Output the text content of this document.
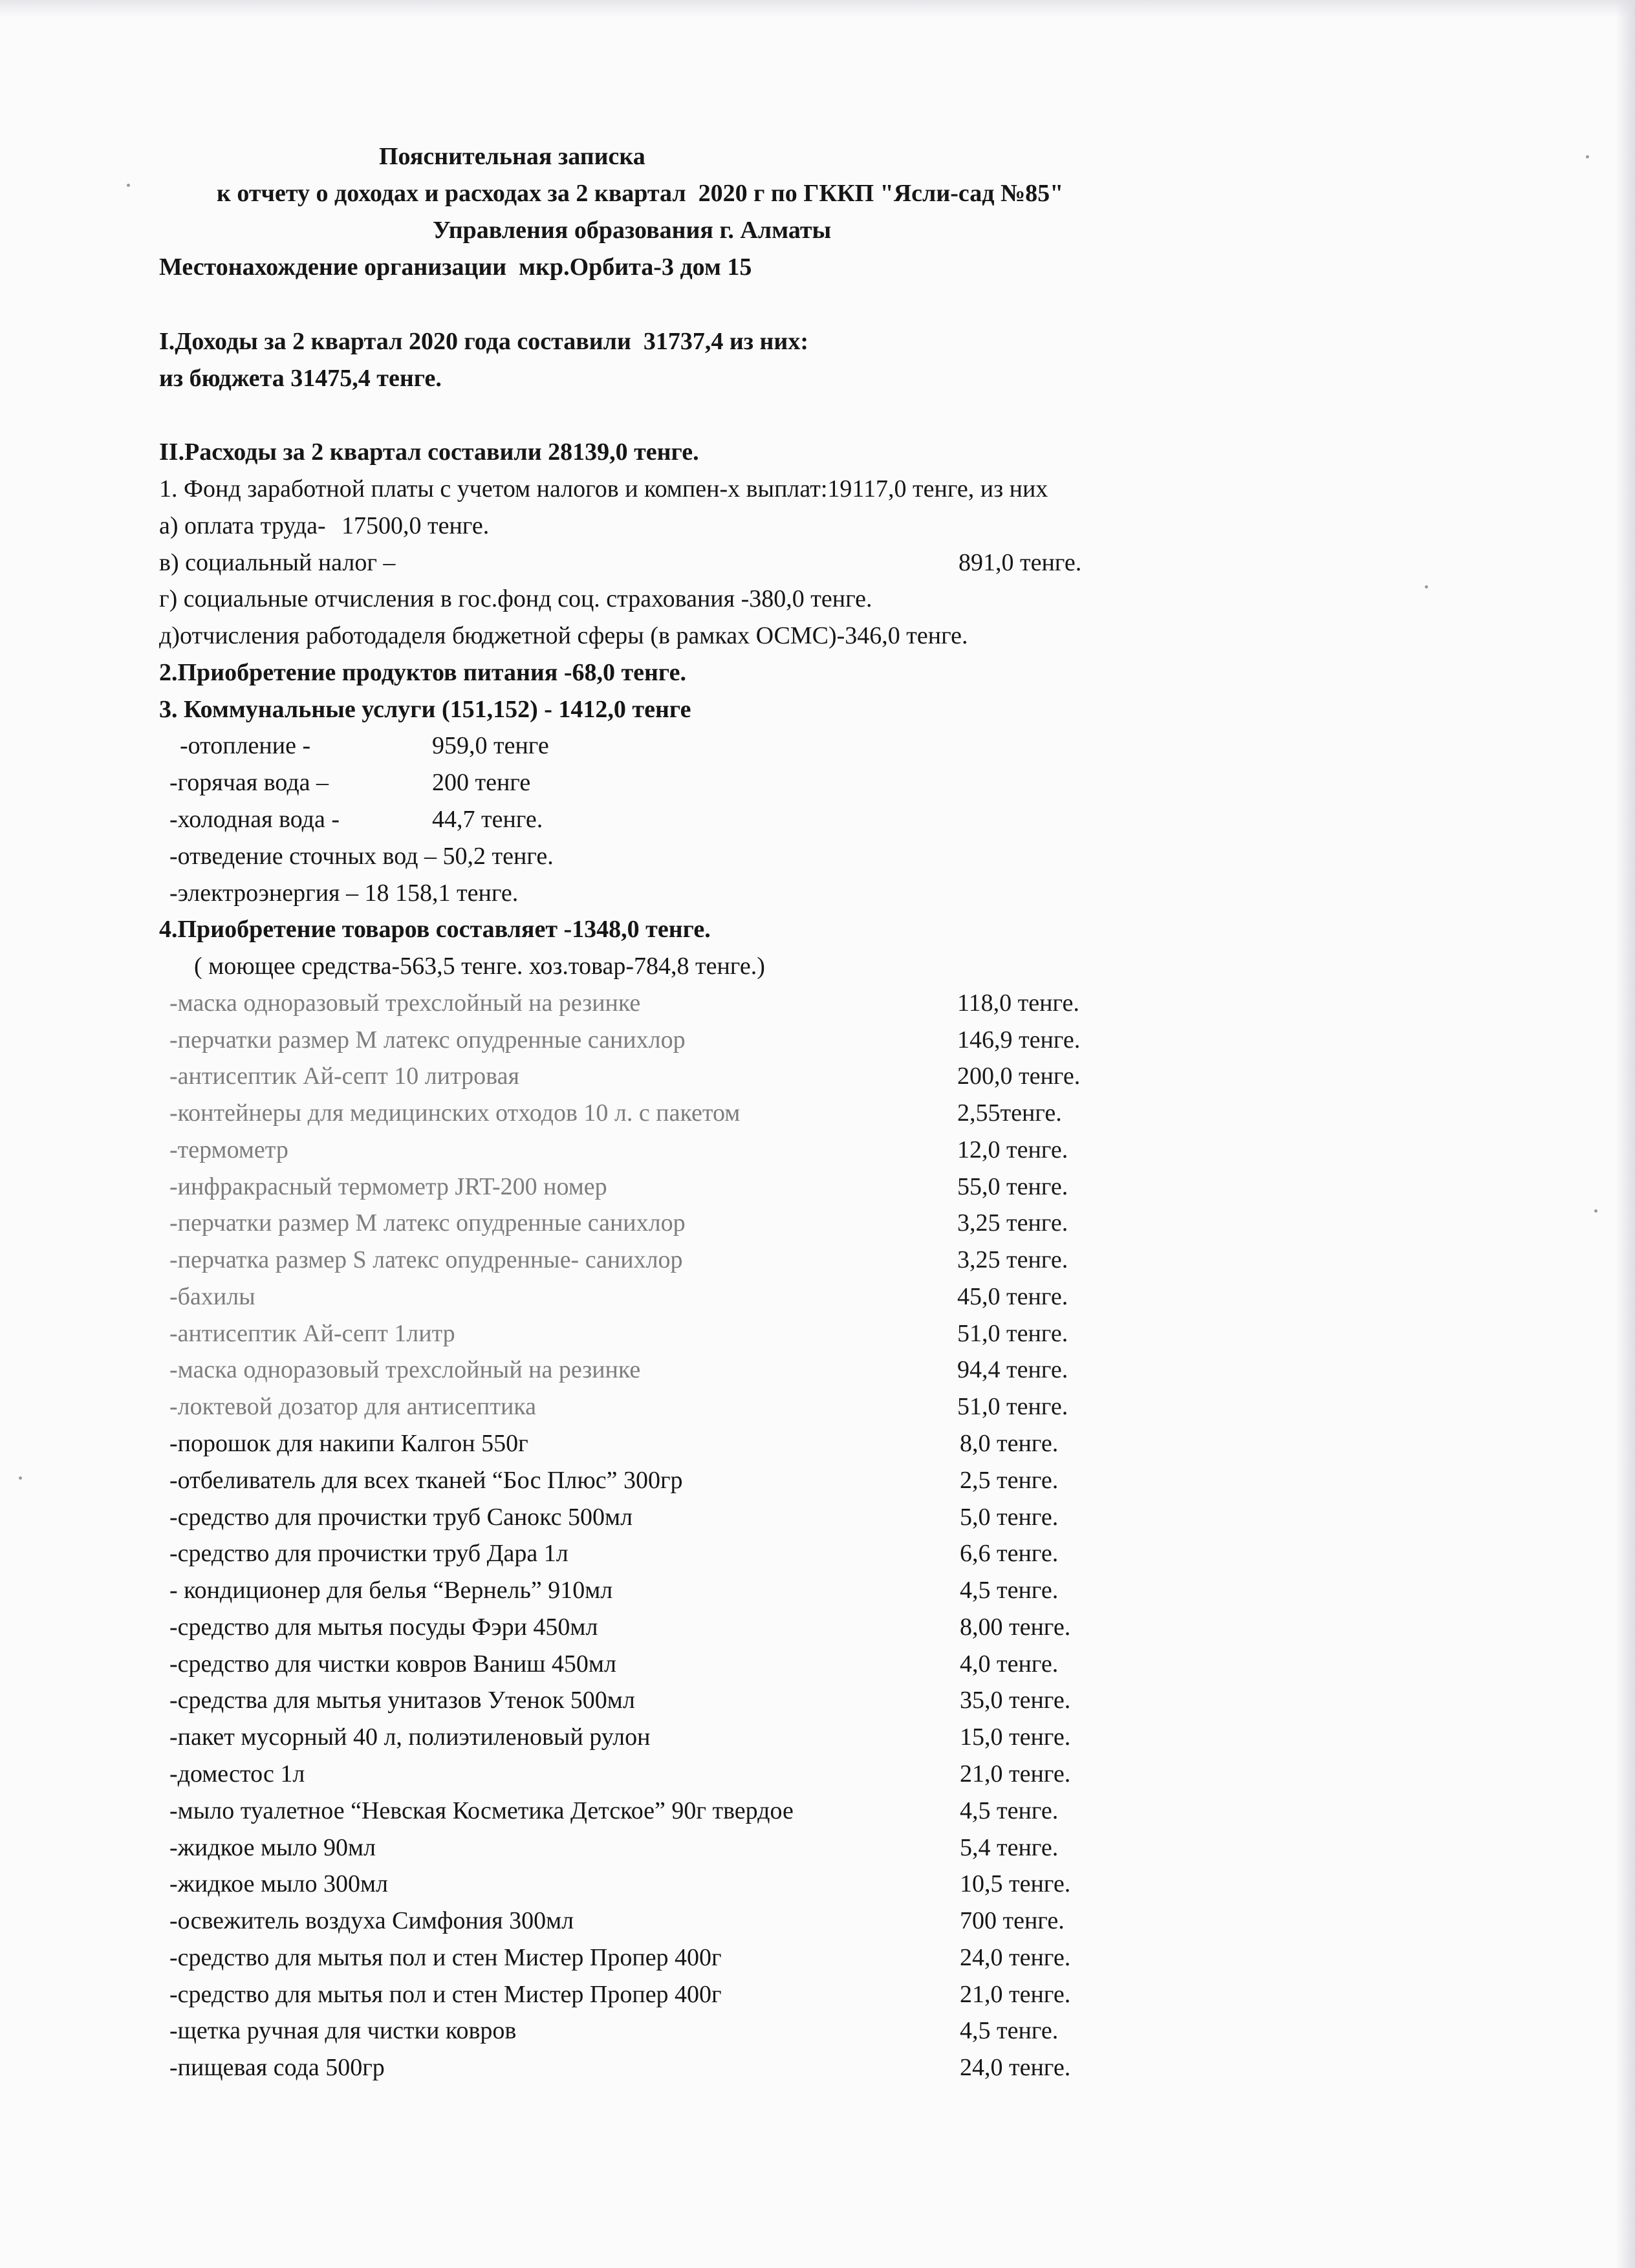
Пояснительная записка
к отчету о доходах и расходах за 2 квартал  2020 г по ГККП "Ясли-сад №85"
Управления образования г. Алматы
Местонахождение организации  мкр.Орбита-3 дом 15
I.Доходы за 2 квартал 2020 года составили  31737,4 из них:
из бюджета 31475,4 тенге.
II.Расходы за 2 квартал составили 28139,0 тенге.
1. Фонд заработной платы с учетом налогов и компен-х выплат:19117,0 тенге, из них
а) оплата труда- 17500,0 тенге.
в) социальный налог –	891,0 тенге.
г) социальные отчисления в гос.фонд соц. страхования -380,0 тенге.
д)отчисления работодаделя бюджетной сферы (в рамках ОСМС)-346,0 тенге.
2.Приобретение продуктов питания -68,0 тенге.
3. Коммунальные услуги (151,152) - 1412,0 тенге
-отопление -	959,0 тенге
-горячая вода –	200 тенге
-холодная вода -	44,7 тенге.
-отведение сточных вод – 50,2 тенге.
-электроэнергия – 18 158,1 тенге.
4.Приобретение товаров составляет -1348,0 тенге.
( моющее средства-563,5 тенге. хоз.товар-784,8 тенге.)
-маска одноразовый трехслойный на резинке	118,0 тенге.
-перчатки размер М латекс опудренные санихлор	146,9 тенге.
-антисептик Ай-септ 10 литровая	200,0 тенге.
-контейнеры для медицинских отходов 10 л. с пакетом	2,55тенге.
-термометр	12,0 тенге.
-инфракрасный термометр JRT-200 номер	55,0 тенге.
-перчатки размер М латекс опудренные санихлор	3,25 тенге.
-перчатка размер S латекс опудренные- санихлор	3,25 тенге.
-бахилы	45,0 тенге.
-антисептик Ай-септ 1литр	51,0 тенге.
-маска одноразовый трехслойный на резинке	94,4 тенге.
-локтевой дозатор для антисептика	51,0 тенге.
-порошок для накипи Калгон 550г	8,0 тенге.
-отбеливатель для всех тканей “Бос Плюс” 300гр	2,5 тенге.
-средство для прочистки труб Санокс 500мл	5,0 тенге.
-средство для прочистки труб Дара 1л	6,6 тенге.
- кондиционер для белья “Вернель” 910мл	4,5 тенге.
-средство для мытья посуды Фэри 450мл	8,00 тенге.
-средство для чистки ковров Ваниш 450мл	4,0 тенге.
-средства для мытья унитазов Утенок 500мл	35,0 тенге.
-пакет мусорный 40 л, полиэтиленовый рулон	15,0 тенге.
-доместос 1л	21,0 тенге.
-мыло туалетное “Невская Косметика Детское” 90г твердое	4,5 тенге.
-жидкое мыло 90мл	5,4 тенге.
-жидкое мыло 300мл	10,5 тенге.
-освежитель воздуха Симфония 300мл	700 тенге.
-средство для мытья пол и стен Мистер Пропер 400г	24,0 тенге.
-средство для мытья пол и стен Мистер Пропер 400г	21,0 тенге.
-щетка ручная для чистки ковров	4,5 тенге.
-пищевая сода 500гр	24,0 тенге.
